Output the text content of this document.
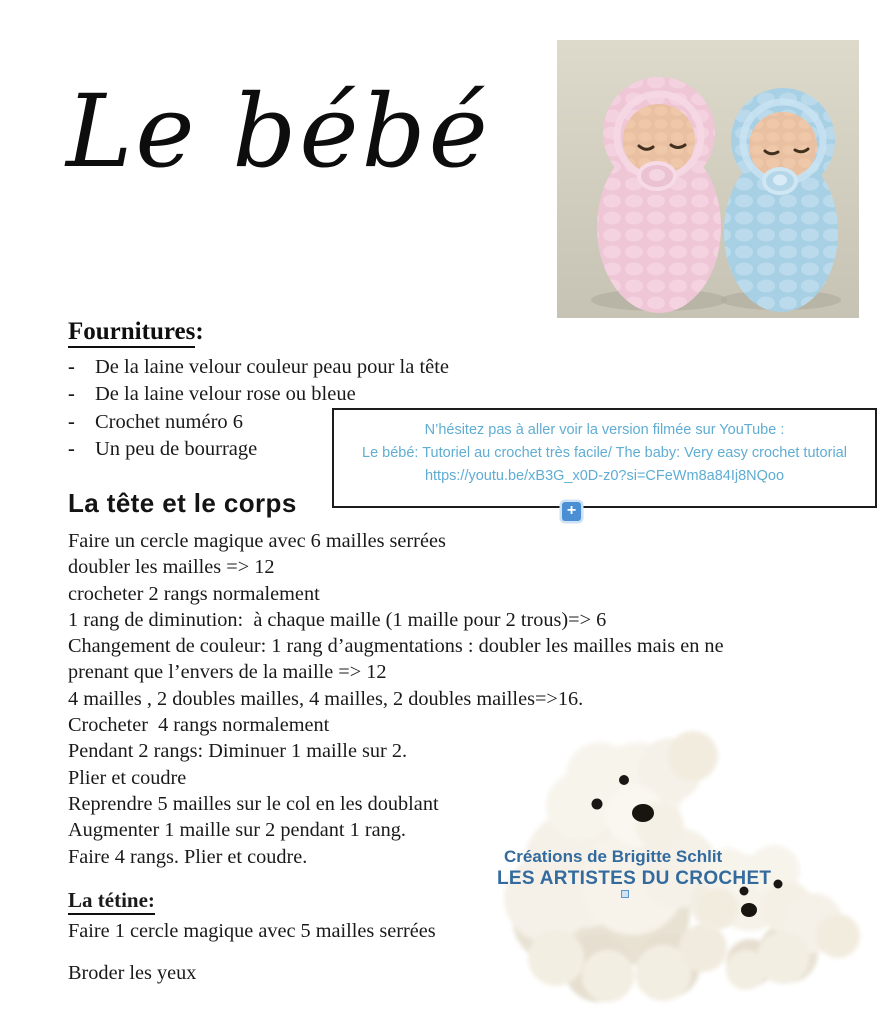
Le bébé
Fournitures:
- De la laine velour couleur peau pour la tête
- De la laine velour rose ou bleue
- Crochet numéro 6
- Un peu de bourrage
N’hésitez pas à aller voir la version filmée sur YouTube :
Le bébé: Tutoriel au crochet très facile/ The baby: Very easy crochet tutorial
https://youtu.be/xB3G_x0D-z0?si=CFeWm8a84Ij8NQoo
+
La tête et le corps
Faire un cercle magique avec 6 mailles serrées
doubler les mailles => 12
crocheter 2 rangs normalement
1 rang de diminution:  à chaque maille (1 maille pour 2 trous)=> 6
Changement de couleur: 1 rang d’augmentations : doubler les mailles mais en ne
prenant que l’envers de la maille => 12
4 mailles , 2 doubles mailles, 4 mailles, 2 doubles mailles=>16.
Crocheter  4 rangs normalement
Pendant 2 rangs: Diminuer 1 maille sur 2.
Plier et coudre
Reprendre 5 mailles sur le col en les doublant
Augmenter 1 maille sur 2 pendant 1 rang.
Faire 4 rangs. Plier et coudre.
La tétine:
Faire 1 cercle magique avec 5 mailles serrées
Broder les yeux
Créations de Brigitte Schlit
LES ARTISTES DU CROCHET
